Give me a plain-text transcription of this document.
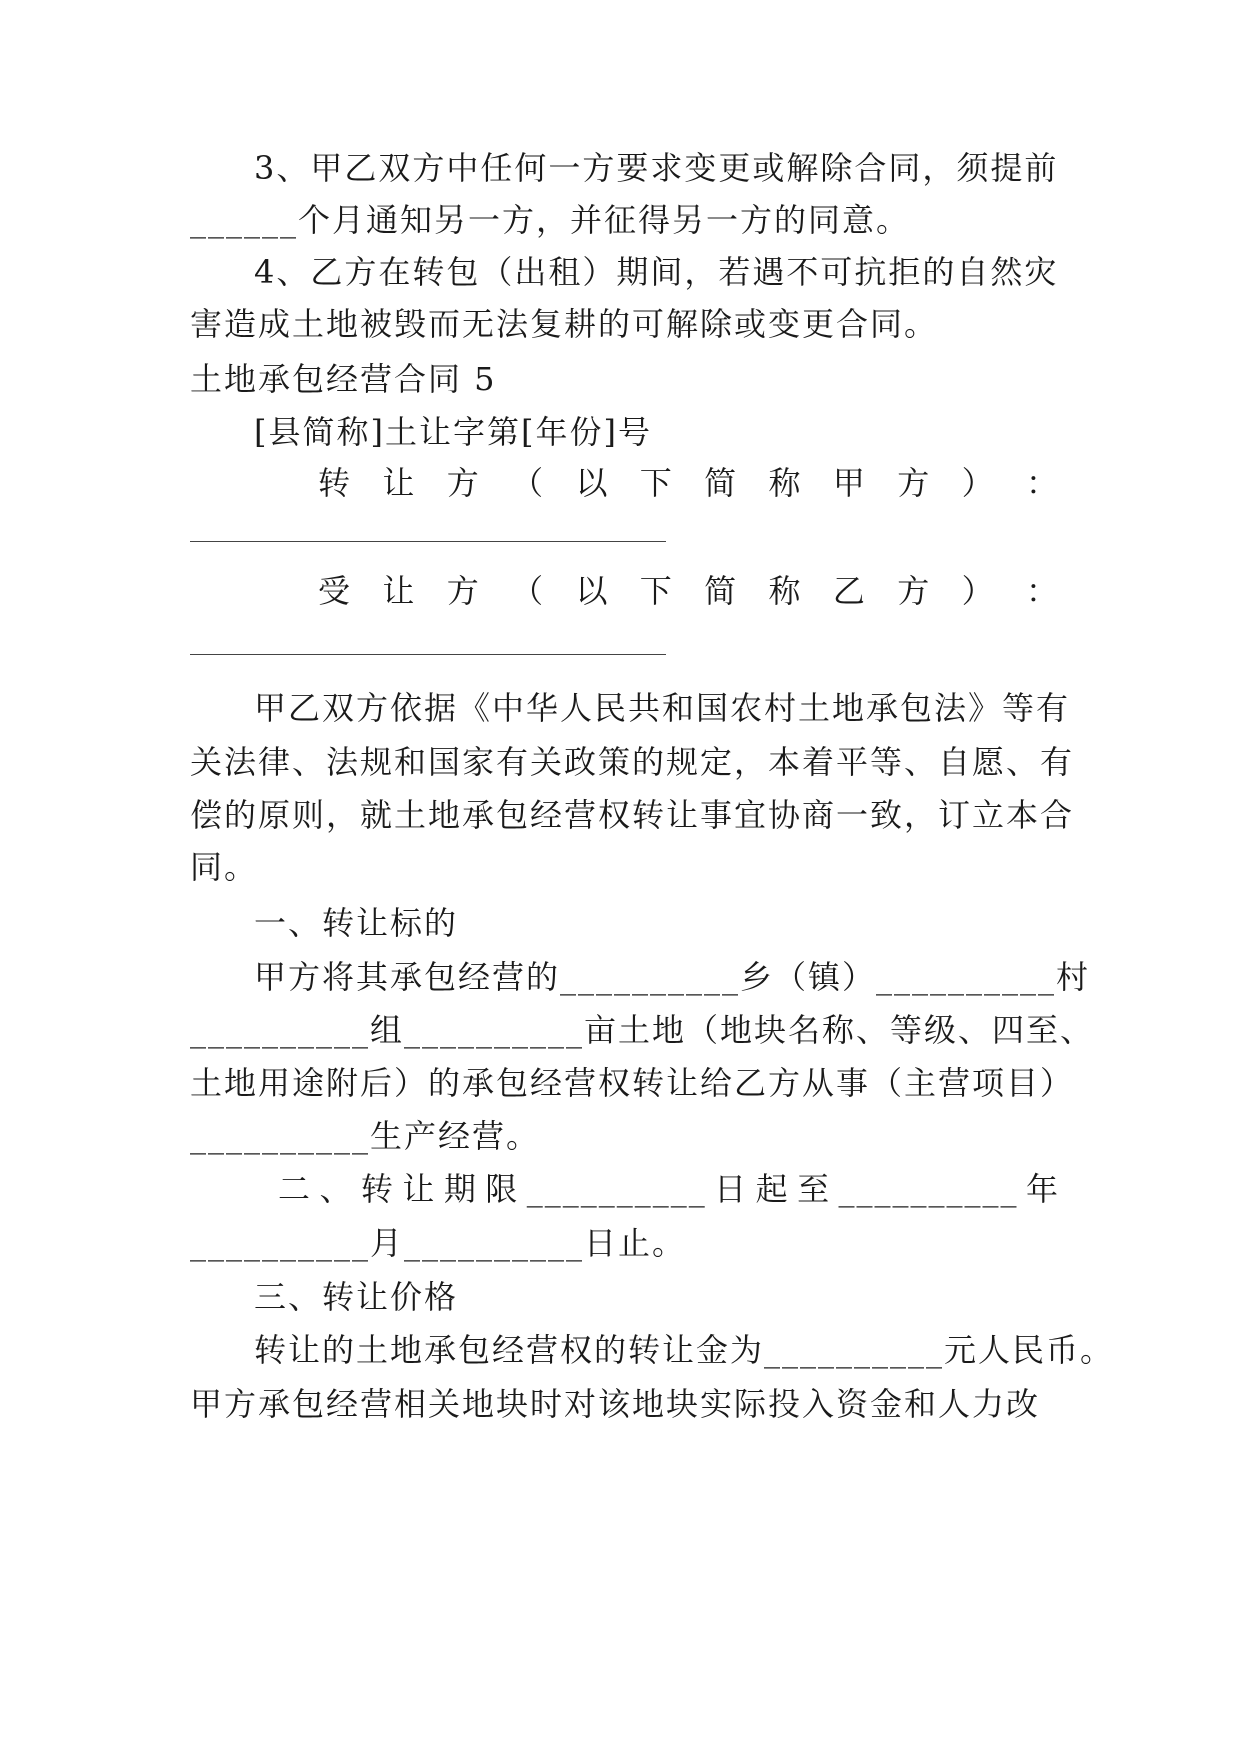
3、甲乙双方中任何一方要求变更或解除合同，须提前
______个月通知另一方，并征得另一方的同意。
4、乙方在转包（出租）期间，若遇不可抗拒的自然灾
害造成土地被毁而无法复耕的可解除或变更合同。
土地承包经营合同 5
[县简称]土让字第[年份]号
转 让 方 （ 以 下 简 称 甲 方 ） ：
受 让 方 （ 以 下 简 称 乙 方 ） ：
甲乙双方依据《中华人民共和国农村土地承包法》等有
关法律、法规和国家有关政策的规定，本着平等、自愿、有
偿的原则，就土地承包经营权转让事宜协商一致，订立本合
同。
一、转让标的
甲方将其承包经营的__________乡（镇）__________村
__________组__________亩土地（地块名称、等级、四至、
土地用途附后）的承包经营权转让给乙方从事（主营项目）
__________生产经营。
二 、 转 让 期 限 __________ 日 起 至 __________ 年
__________月__________日止。
三、转让价格
转让的土地承包经营权的转让金为__________元人民币。
甲方承包经营相关地块时对该地块实际投入资金和人力改
